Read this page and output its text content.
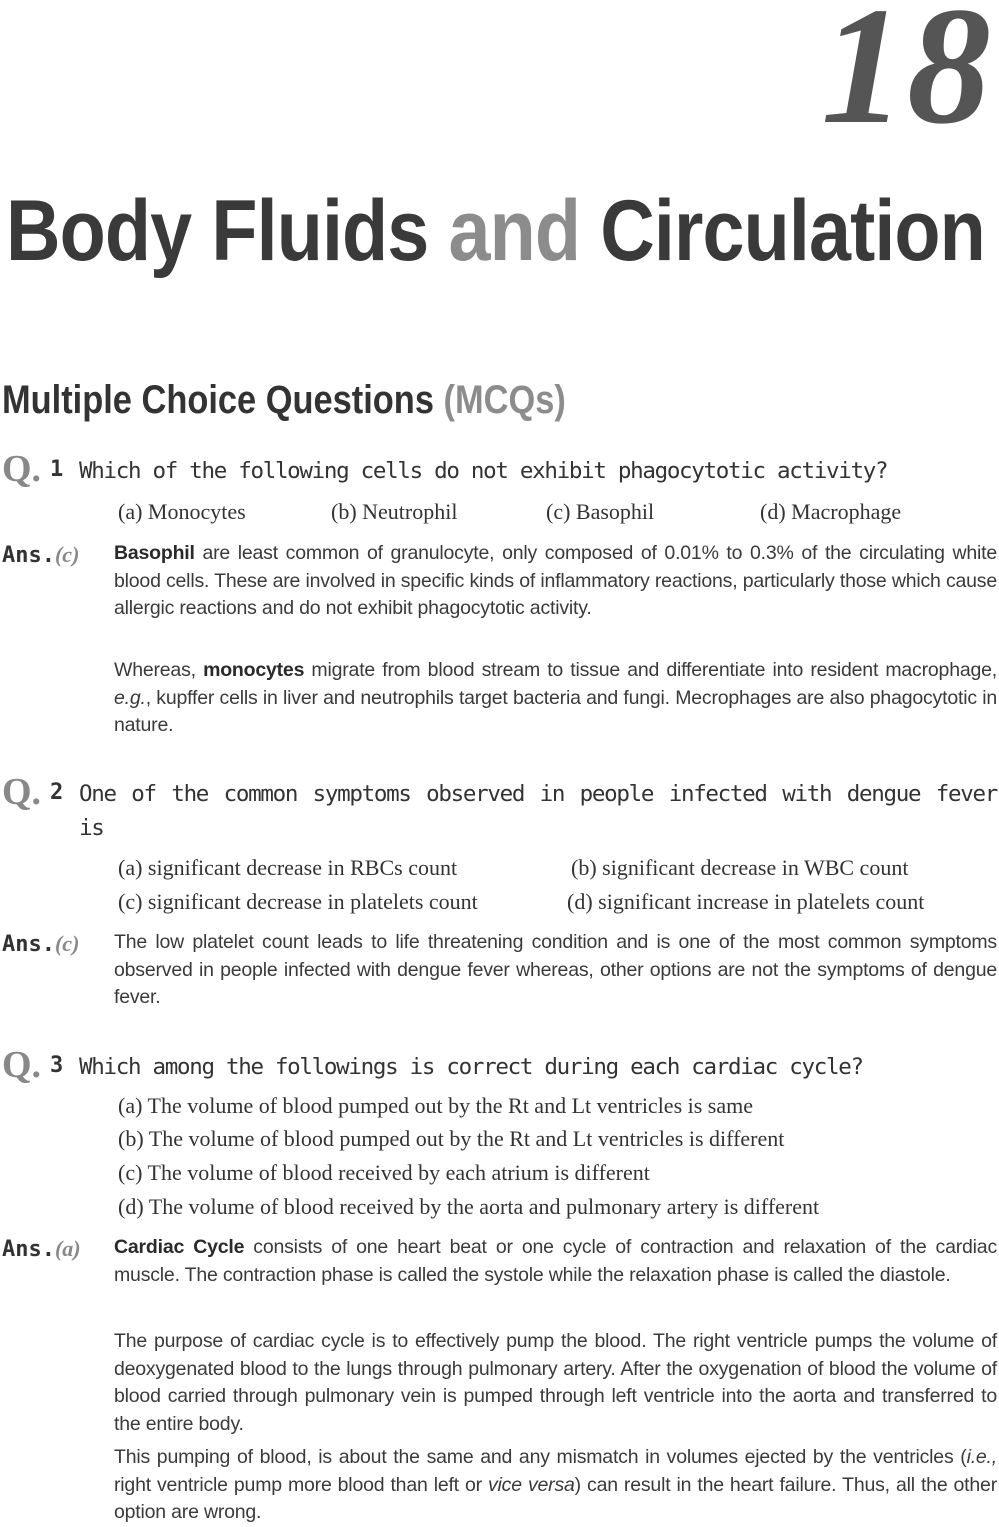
18
Body Fluids and Circulation
Multiple Choice Questions (MCQs)
Q. 1 Which of the following cells do not exhibit phagocytotic activity?

(a) Monocytes	(b) Neutrophil	(c) Basophil	(d) Macrophage
Ans.(c) Basophil are least common of granulocyte, only composed of 0.01% to 0.3% of the circulating white blood cells. These are involved in specific kinds of inflammatory reactions, particularly those which cause allergic reactions and do not exhibit phagocytotic activity.

Whereas, monocytes migrate from blood stream to tissue and differentiate into resident macrophage, e.g., kupffer cells in liver and neutrophils target bacteria and fungi. Mecrophages are also phagocytotic in nature.

Q. 2 One of the common symptoms observed in people infected with dengue fever is

(a) significant decrease in RBCs count	(b) significant decrease in WBC count
(c) significant decrease in platelets count	(d) significant increase in platelets count
Ans.(c) The low platelet count leads to life threatening condition and is one of the most common symptoms observed in people infected with dengue fever whereas, other options are not the symptoms of dengue fever.

Q. 3 Which among the followings is correct during each cardiac cycle?

(a) The volume of blood pumped out by the Rt and Lt ventricles is same
(b) The volume of blood pumped out by the Rt and Lt ventricles is different
(c) The volume of blood received by each atrium is different
(d) The volume of blood received by the aorta and pulmonary artery is different
Ans.(a) Cardiac Cycle consists of one heart beat or one cycle of contraction and relaxation of the cardiac muscle. The contraction phase is called the systole while the relaxation phase is called the diastole.

The purpose of cardiac cycle is to effectively pump the blood. The right ventricle pumps the volume of deoxygenated blood to the lungs through pulmonary artery. After the oxygenation of blood the volume of blood carried through pulmonary vein is pumped through left ventricle into the aorta and transferred to the entire body.

This pumping of blood, is about the same and any mismatch in volumes ejected by the ventricles (i.e., right ventricle pump more blood than left or vice versa) can result in the heart failure. Thus, all the other option are wrong.
